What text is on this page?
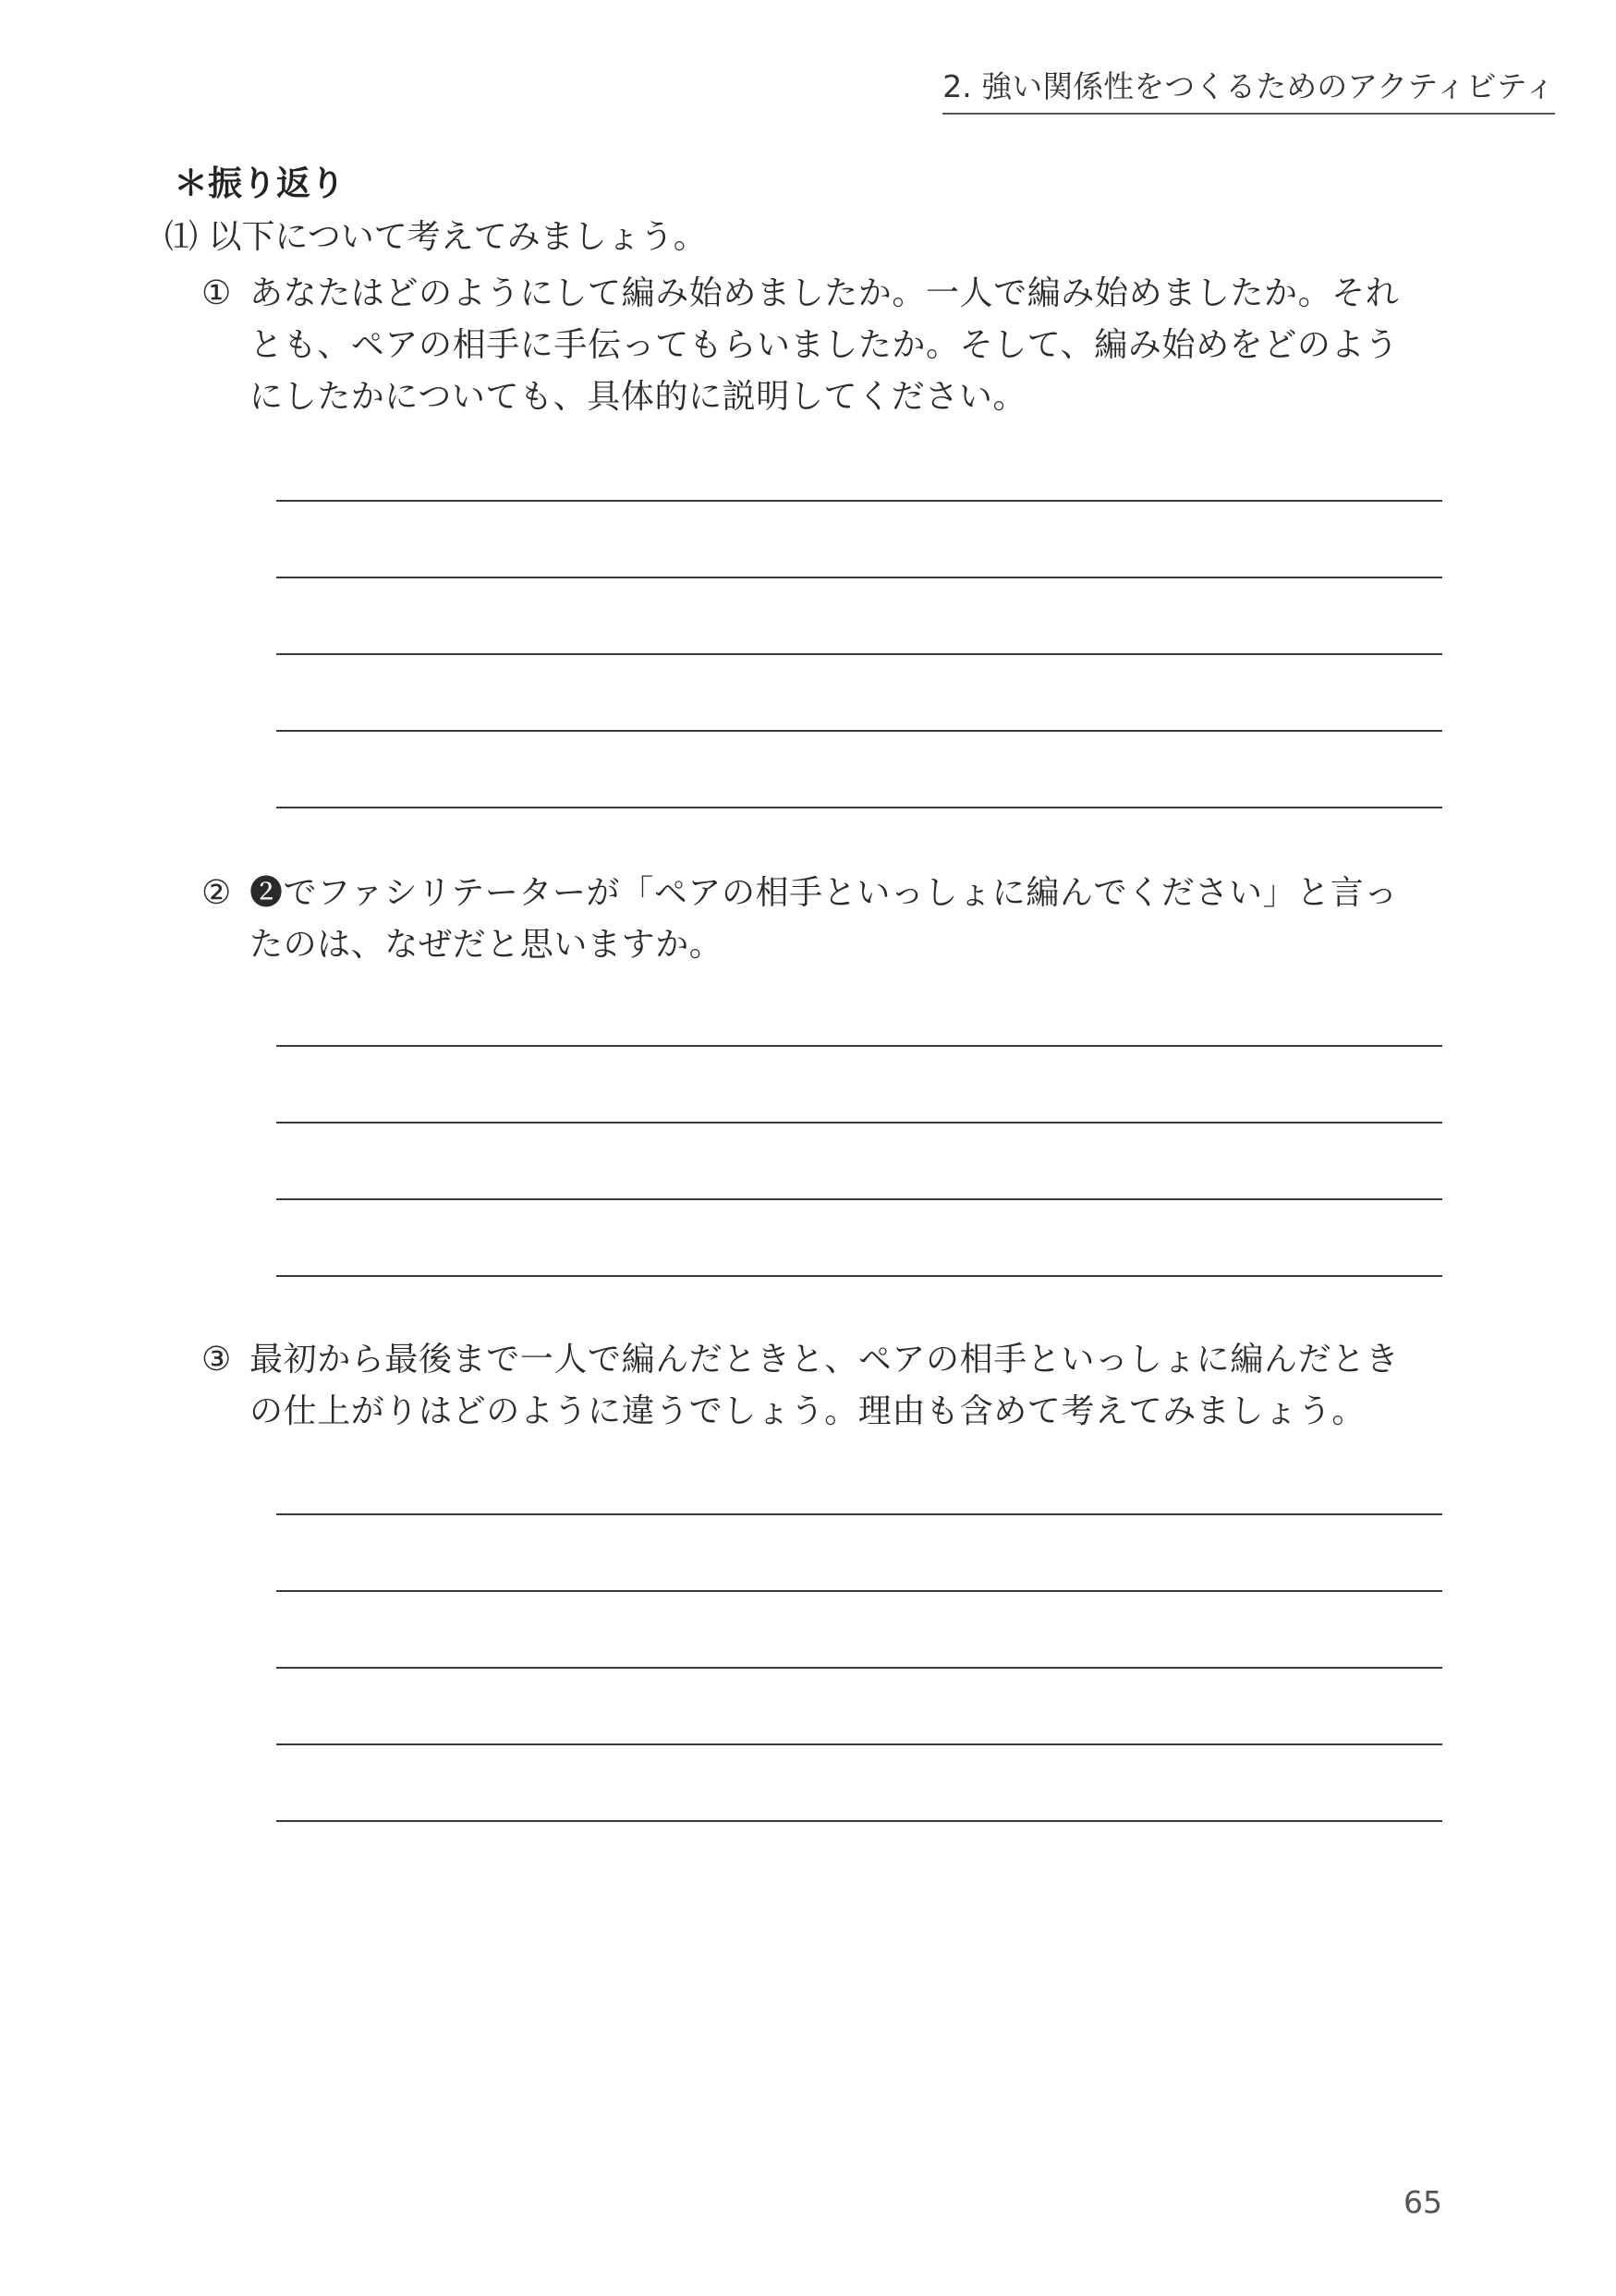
2. 強い関係性をつくるためのアクティビティ
＊振り返り
⑴ 以下について考えてみましょう。
① あなたはどのようにして編み始めましたか。一人で編み始めましたか。それとも、ペアの相手に手伝ってもらいましたか。そして、編み始めをどのようにしたかについても、具体的に説明してください。
② ❷でファシリテーターが「ペアの相手といっしょに編んでください」と言ったのは、なぜだと思いますか。
③ 最初から最後まで一人で編んだときと、ペアの相手といっしょに編んだときの仕上がりはどのように違うでしょう。理由も含めて考えてみましょう。
65
